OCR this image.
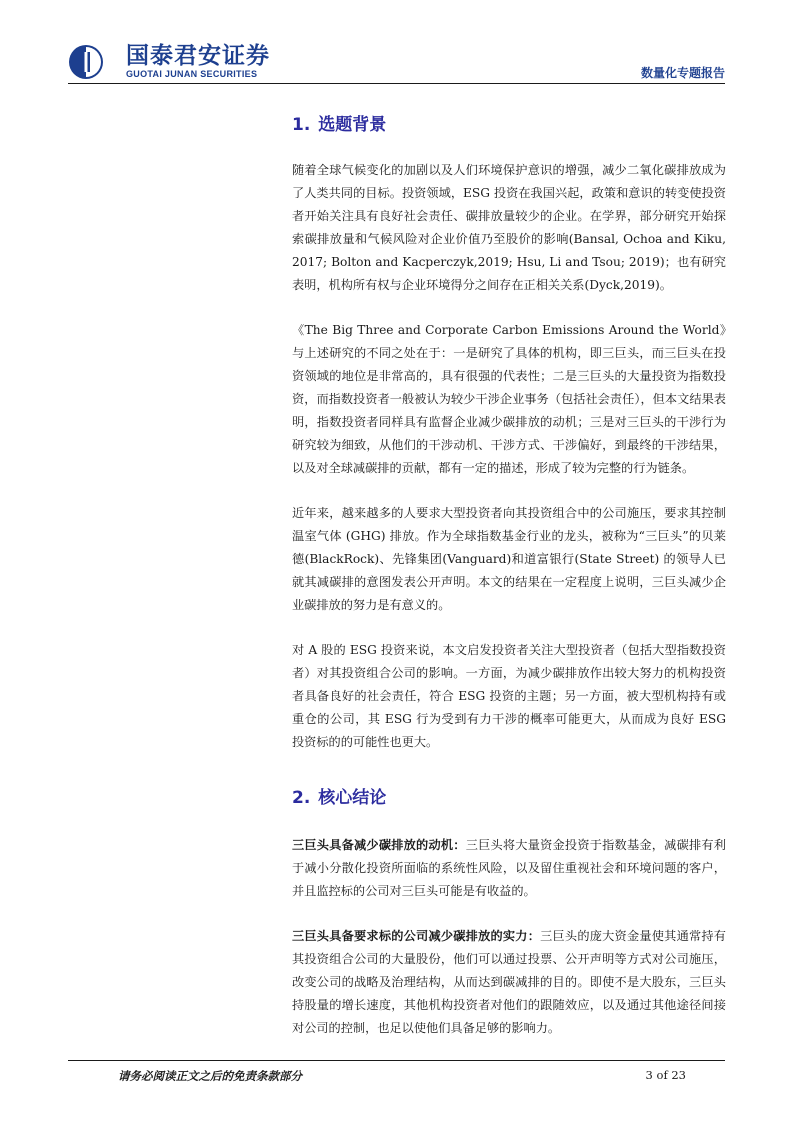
国泰君安证券
GUOTAI JUNAN SECURITIES	数量化专题报告
1. 选题背景

随着全球气候变化的加剧以及人们环境保护意识的增强，减少二氧化碳排放成为了人类共同的目标。投资领域，ESG 投资在我国兴起，政策和意识的转变使投资者开始关注具有良好社会责任、碳排放量较少的企业。在学界，部分研究开始探索碳排放量和气候风险对企业价值乃至股价的影响(Bansal, Ochoa and Kiku, 2017; Bolton and Kacperczyk,2019; Hsu, Li and Tsou; 2019)；也有研究表明，机构所有权与企业环境得分之间存在正相关关系(Dyck,2019)。

《The Big Three and Corporate Carbon Emissions Around the World》与上述研究的不同之处在于：一是研究了具体的机构，即三巨头，而三巨头在投资领域的地位是非常高的，具有很强的代表性；二是三巨头的大量投资为指数投资，而指数投资者一般被认为较少干涉企业事务（包括社会责任），但本文结果表明，指数投资者同样具有监督企业减少碳排放的动机；三是对三巨头的干涉行为研究较为细致，从他们的干涉动机、干涉方式、干涉偏好，到最终的干涉结果，以及对全球减碳排的贡献，都有一定的描述，形成了较为完整的行为链条。

近年来，越来越多的人要求大型投资者向其投资组合中的公司施压，要求其控制温室气体 (GHG) 排放。作为全球指数基金行业的龙头，被称为“三巨头”的贝莱德(BlackRock)、先锋集团(Vanguard)和道富银行(State Street) 的领导人已就其减碳排的意图发表公开声明。本文的结果在一定程度上说明，三巨头减少企业碳排放的努力是有意义的。

对 A 股的 ESG 投资来说，本文启发投资者关注大型投资者（包括大型指数投资者）对其投资组合公司的影响。一方面，为减少碳排放作出较大努力的机构投资者具备良好的社会责任，符合 ESG 投资的主题；另一方面，被大型机构持有或重仓的公司，其 ESG 行为受到有力干涉的概率可能更大，从而成为良好 ESG 投资标的的可能性也更大。

2. 核心结论

三巨头具备减少碳排放的动机：三巨头将大量资金投资于指数基金，减碳排有利于减小分散化投资所面临的系统性风险，以及留住重视社会和环境问题的客户，并且监控标的公司对三巨头可能是有收益的。

三巨头具备要求标的公司减少碳排放的实力：三巨头的庞大资金量使其通常持有其投资组合公司的大量股份，他们可以通过投票、公开声明等方式对公司施压，改变公司的战略及治理结构，从而达到碳减排的目的。即使不是大股东，三巨头持股量的增长速度，其他机构投资者对他们的跟随效应，以及通过其他途径间接对公司的控制，也足以使他们具备足够的影响力。

请务必阅读正文之后的免责条款部分	3 of 23
